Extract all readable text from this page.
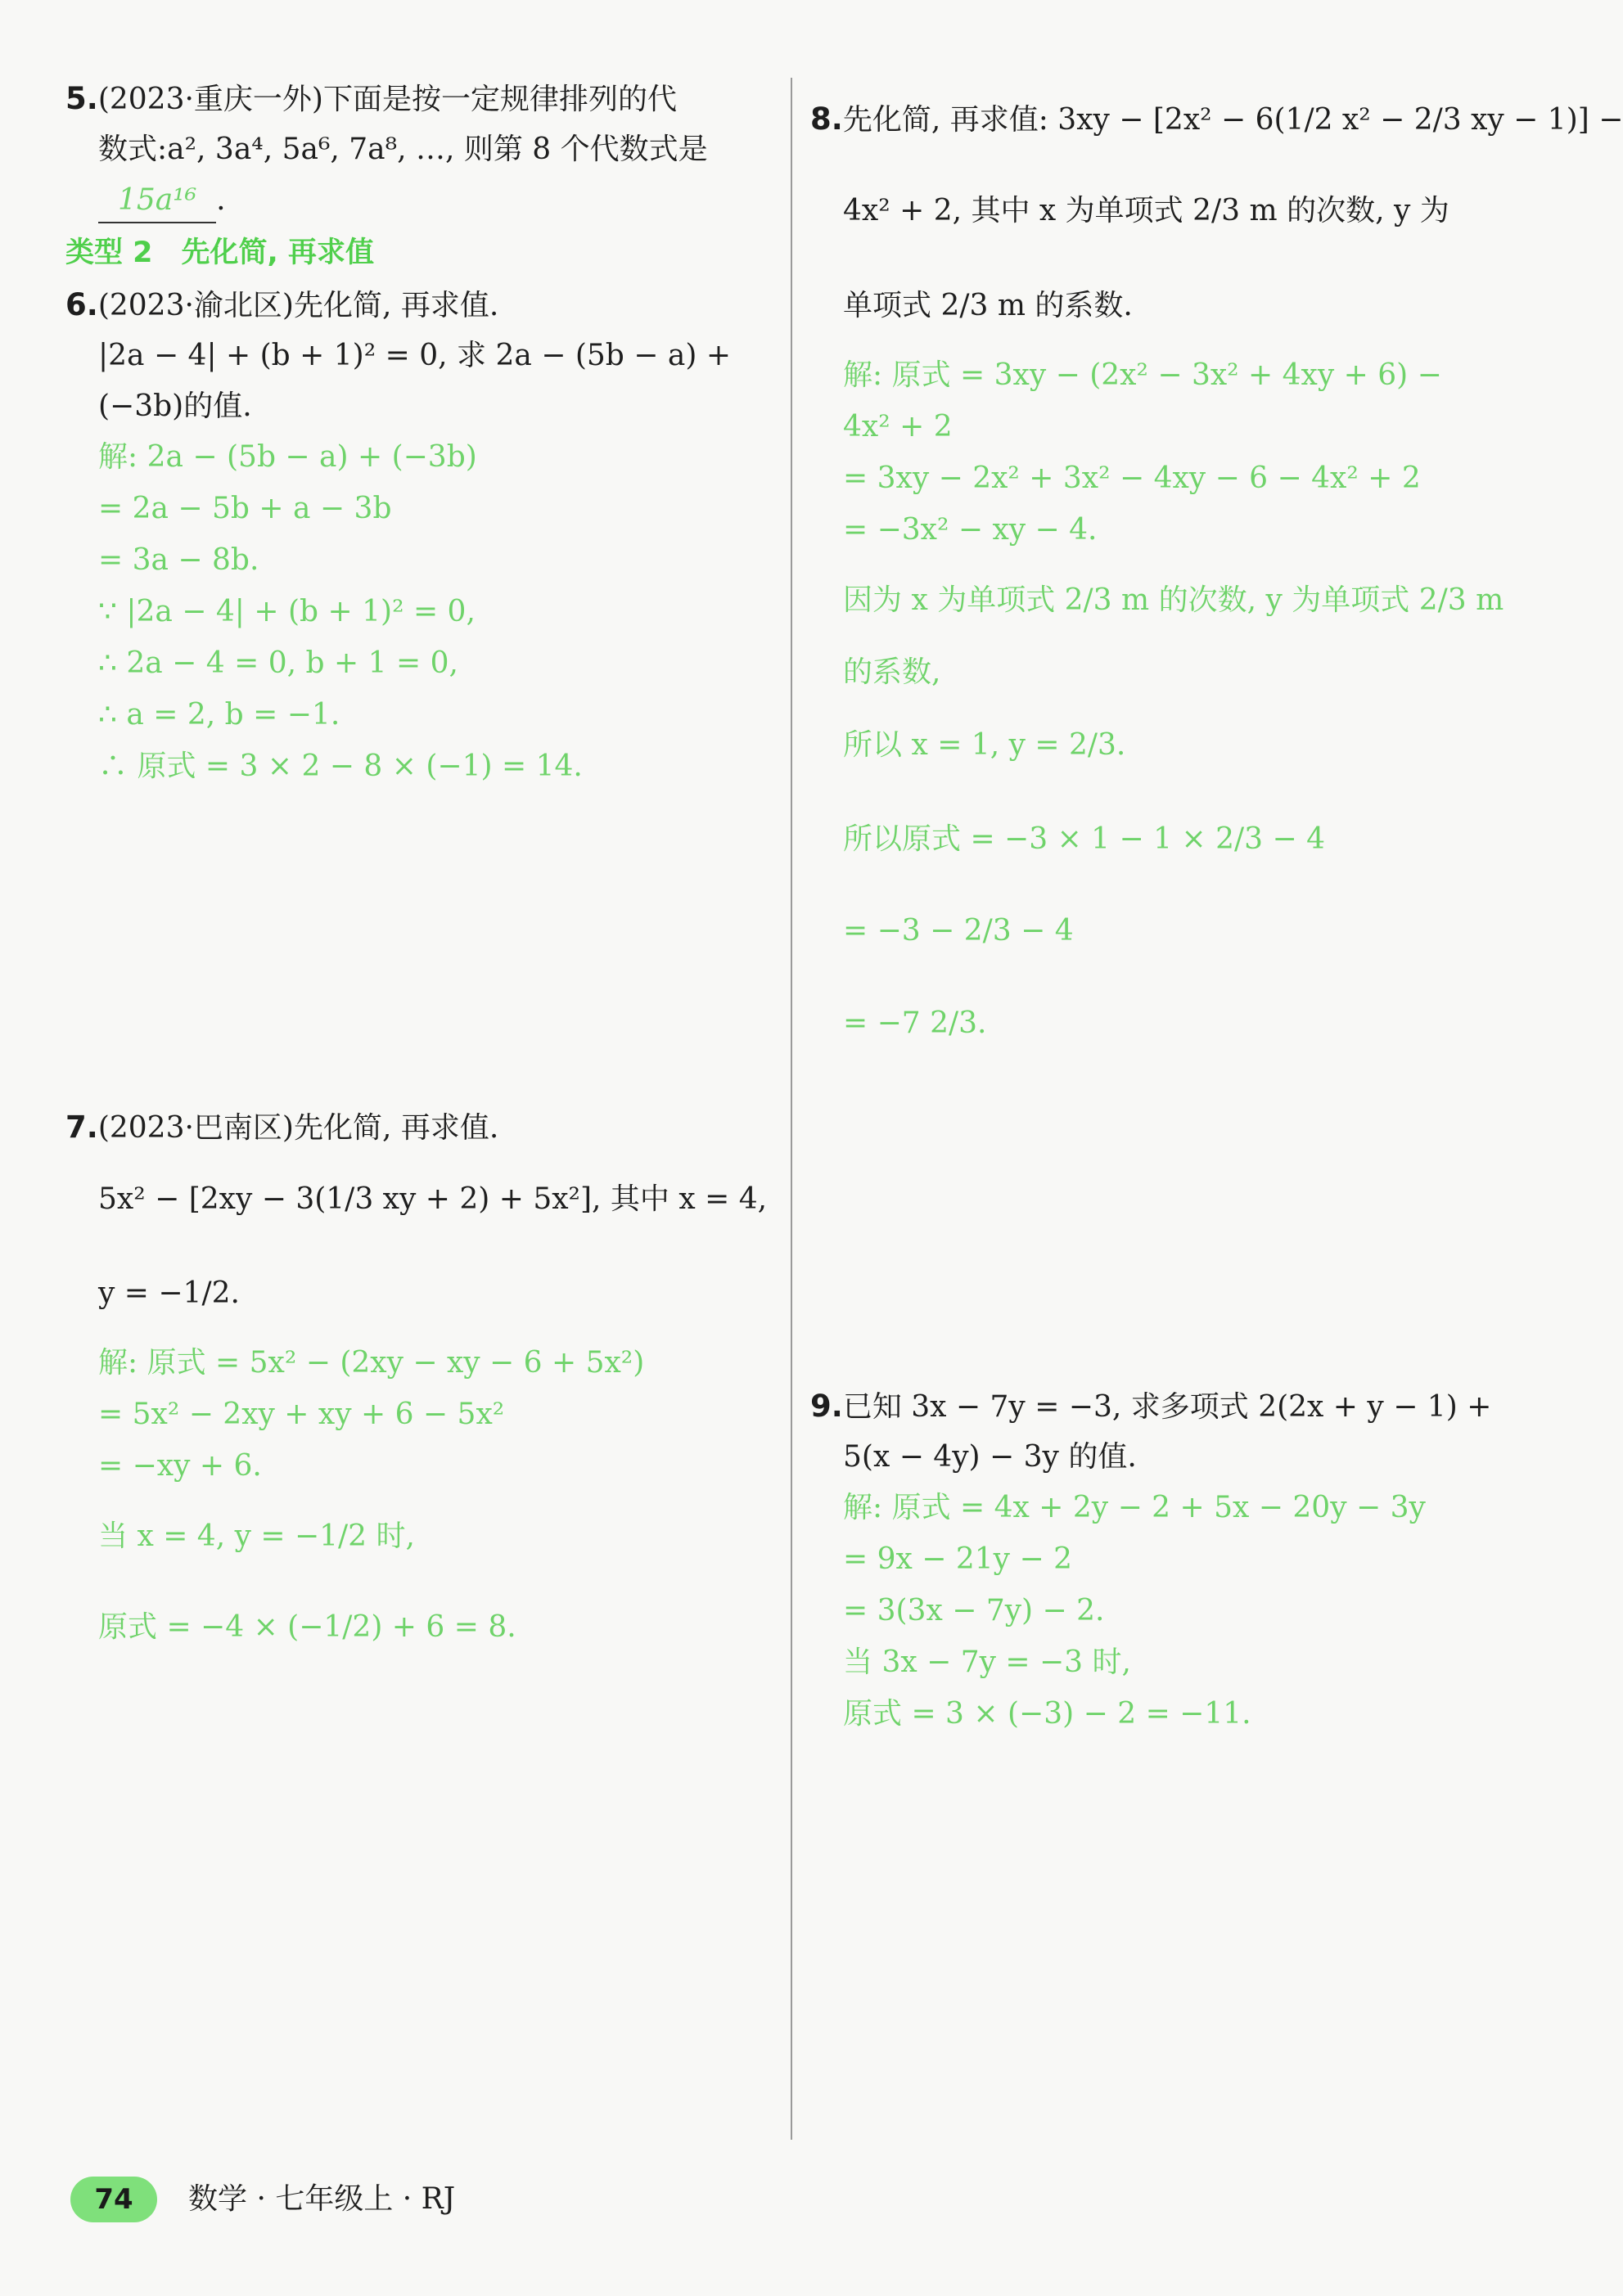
5.(2023·重庆一外)下面是按一定规律排列的代
数式:a², 3a⁴, 5a⁶, 7a⁸, …, 则第 8 个代数式是
15a¹⁶ .
类型 2　先化简, 再求值
6.(2023·渝北区)先化简, 再求值.
|2a − 4| + (b + 1)² = 0, 求 2a − (5b − a) +
(−3b)的值.
解: 2a − (5b − a) + (−3b)
= 2a − 5b + a − 3b
= 3a − 8b.
∵ |2a − 4| + (b + 1)² = 0,
∴ 2a − 4 = 0, b + 1 = 0,
∴ a = 2, b = −1.
∴ 原式 = 3 × 2 − 8 × (−1) = 14.
7.(2023·巴南区)先化简, 再求值.
5x² − [2xy − 3(1/3 xy + 2) + 5x²], 其中 x = 4,
y = −1/2.
解: 原式 = 5x² − (2xy − xy − 6 + 5x²)
= 5x² − 2xy + xy + 6 − 5x²
= −xy + 6.
当 x = 4, y = −1/2 时,
原式 = −4 × (−1/2) + 6 = 8.
8.先化简, 再求值: 3xy − [2x² − 6(1/2 x² − 2/3 xy − 1)] −
4x² + 2, 其中 x 为单项式 2/3 m 的次数, y 为
单项式 2/3 m 的系数.
解: 原式 = 3xy − (2x² − 3x² + 4xy + 6) −
4x² + 2
= 3xy − 2x² + 3x² − 4xy − 6 − 4x² + 2
= −3x² − xy − 4.
因为 x 为单项式 2/3 m 的次数, y 为单项式 2/3 m
的系数,
所以 x = 1, y = 2/3.
所以原式 = −3 × 1 − 1 × 2/3 − 4
= −3 − 2/3 − 4
= −7 2/3.
9.已知 3x − 7y = −3, 求多项式 2(2x + y − 1) +
5(x − 4y) − 3y 的值.
解: 原式 = 4x + 2y − 2 + 5x − 20y − 3y
= 9x − 21y − 2
= 3(3x − 7y) − 2.
当 3x − 7y = −3 时,
原式 = 3 × (−3) − 2 = −11.
74	数学 · 七年级上 · RJ
